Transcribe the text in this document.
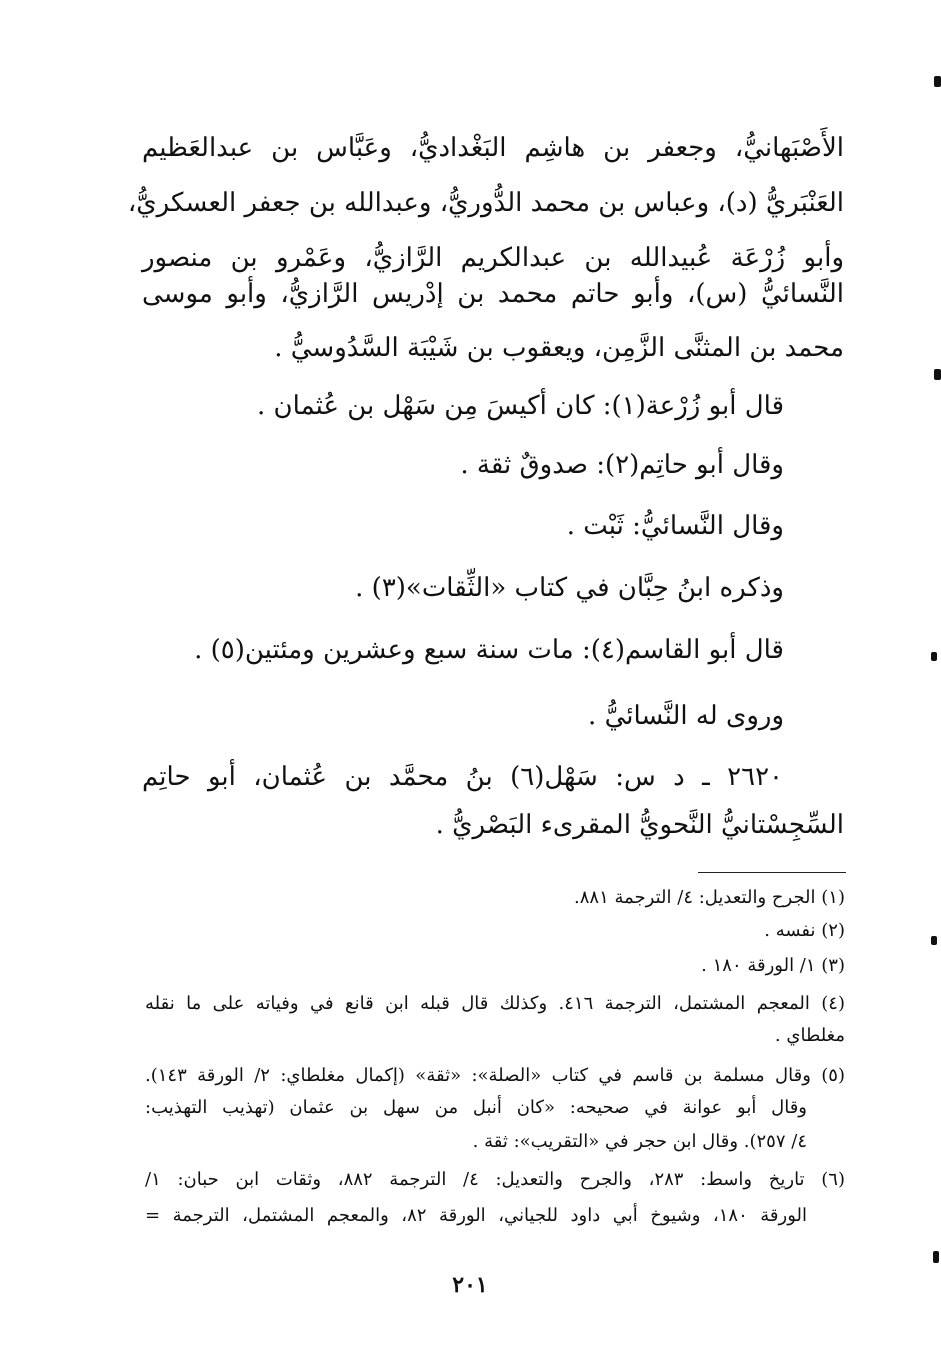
الأَصْبَهانيُّ، وجعفر بن هاشِم البَغْداديُّ، وعَبَّاس بن عبدالعَظيم
العَنْبَريُّ (د)، وعباس بن محمد الدُّوريُّ، وعبدالله بن جعفر العسكريُّ،
وأبو زُرْعَة عُبيدالله بن عبدالكريم الرَّازيُّ، وعَمْرو بن منصور
النَّسائيُّ (س)، وأبو حاتم محمد بن إدْريس الرَّازيُّ، وأبو موسى
محمد بن المثنَّى الزَّمِن، ويعقوب بن شَيْبَة السَّدُوسيُّ .
قال أبو زُرْعة(١): كان أكيسَ مِن سَهْل بن عُثمان .
وقال أبو حاتِم(٢): صدوقٌ ثقة .
وقال النَّسائيُّ: ثَبْت .
وذكره ابنُ حِبَّان في كتاب «الثِّقات»(٣) .
قال أبو القاسم(٤): مات سنة سبع وعشرين ومئتين(٥) .
وروى له النَّسائيُّ .
٢٦٢٠ ـ د س: سَهْل(٦) بنُ محمَّد بن عُثمان، أبو حاتِم
السِّجِسْتانيُّ النَّحويُّ المقرىء البَصْريُّ .
(١) الجرح والتعديل: ٤/ الترجمة ٨٨١.
(٢) نفسه .
(٣) ١/ الورقة ١٨٠ .
(٤) المعجم المشتمل، الترجمة ٤١٦. وكذلك قال قبله ابن قانع في وفياته على ما نقله
مغلطاي .
(٥) وقال مسلمة بن قاسم في كتاب «الصلة»: «ثقة» (إكمال مغلطاي: ٢/ الورقة ١٤٣).
وقال أبو عوانة في صحيحه: «كان أنبل من سهل بن عثمان (تهذيب التهذيب:
٤/ ٢٥٧). وقال ابن حجر في «التقريب»: ثقة .
(٦) تاريخ واسط: ٢٨٣، والجرح والتعديل: ٤/ الترجمة ٨٨٢، وثقات ابن حبان: ١/
الورقة ١٨٠، وشيوخ أبي داود للجياني، الورقة ٨٢، والمعجم المشتمل، الترجمة =
٢٠١
